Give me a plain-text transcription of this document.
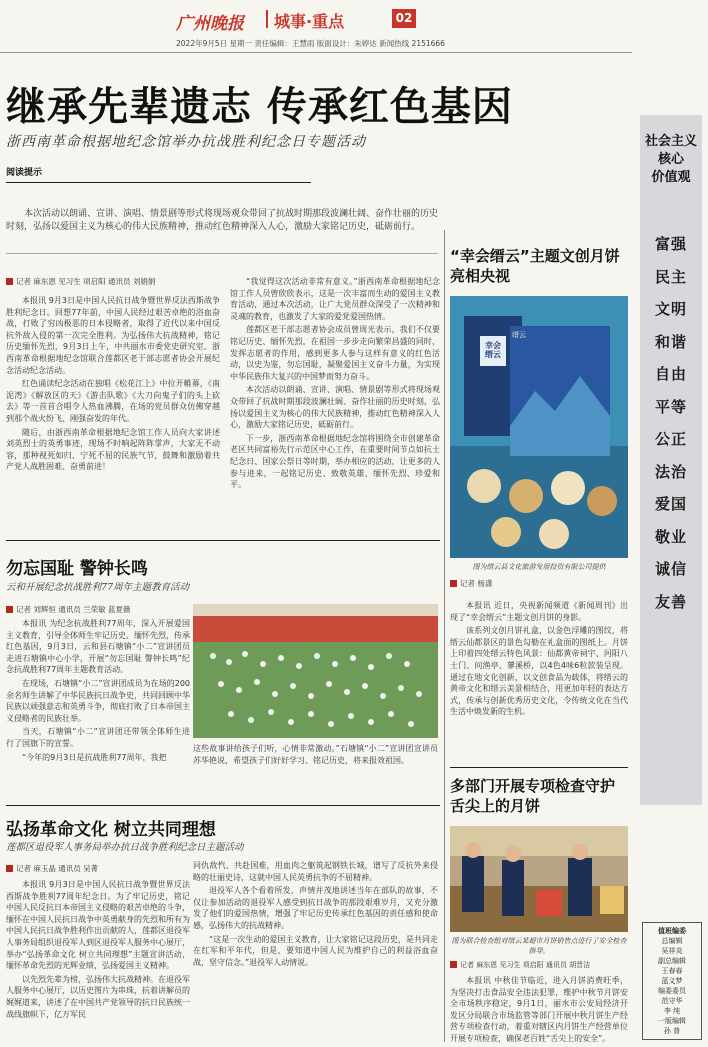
广州晚报 城事·重点	02
2022年9月5日 星期一 责任编辑：王慧雨 版面设计：朱婷达 新闻热线 2151666
继承先辈遗志 传承红色基因
浙西南革命根据地纪念馆举办抗战胜利纪念日专题活动
阅读提示
本次活动以朗诵、宣讲、演唱、情景剧等形式将现场观众带回了抗战时期那段波澜壮阔、奋作壮丽的历史时刻，弘扬以爱国主义为核心的伟大民族精神，推动红色精神深入人心，激励大家铭记历史，砥砺前行。
记者 麻东恩 见习生 项启阳 通讯员 刘娟娟

本报讯 9月3日是中国人民抗日战争暨世界反法西斯战争胜利纪念日。回想77年前，中国人民经过艰苦卓绝的浴血奋战，打败了穷凶极恶的日本侵略者，取得了近代以来中国反抗外敌入侵的第一次完全胜利。为弘扬伟大抗战精神，铭记历史缅怀先烈，9月3日上午，中共丽水市委党史研究室、浙西南革命根据地纪念馆联合莲都区老干部志愿者协会开展纪念活动纪念活动。

红色诵读纪念活动在独唱《松花江上》中拉开帷幕，《南泥湾》《解放区的天》《游击队歌》《大刀向鬼子们的头上砍去》等一首首合唱令人热血沸腾，在场的党员群众仿佛穿越到那个战火纷飞、刚强奋发的年代。

随后，由浙西南革命根据地纪念馆工作人员向大家讲述刘英烈士的英勇事迹，现场不时响起阵阵掌声，大家无不动容，那种视死如归、宁死不屈的民族气节，鼓舞和激励着共产党人战胜困难、奋勇前进！

“我觉得这次活动非常有意义。”浙西南革命根据地纪念馆工作人员曾欣欣表示，这是一次丰富而生动的爱国主义教育活动，通过本次活动，让广大党员群众深受了一次精神和灵魂的教育，也激发了大家的爱党爱国热情。

莲都区老干部志愿者协会成员曾周光表示，我们不仅要铭记历史、缅怀先烈，在祖国一步步走向繁荣昌盛的同时，发挥志愿者的作用，感到更多人参与这样有意义的红色活动，以史为鉴，勿忘国耻，凝聚爱国主义奋斗力量，为实现中华民族伟大复兴的中国梦而努力奋斗。

本次活动以朗诵、宣讲、演唱、情景剧等形式将现场观众带回了抗战时期那段波澜壮阔、奋作壮丽的历史时刻，弘扬以爱国主义为核心的伟大民族精神，推动红色精神深入人心，激励大家铭记历史，砥砺前行。

下一步，浙西南革命根据地纪念馆将围绕全市创建革命老区共同富裕先行示范区中心工作，在重要时间节点如抗士纪念日、国家公祭日等时期，举办相应的活动，让更多的人参与进来，一起铭记历史、致敬英雄、缅怀先烈、珍爱和平。

勿忘国耻 警钟长鸣
云和开展纪念抗战胜利77周年主题教育活动
记者 刘辉恒 通讯员 兰荣敏 蓝夏薇

本报讯 为纪念抗战胜利77周年，深入开展爱国主义教育，引导全体师生牢记历史、缅怀先烈，传承红色基因，9月3日，云和县石塘镇“小二”宣讲团员走进石塘镇中心小学，开展“勿忘国耻 警钟长鸣”纪念抗战胜利77周年主题教育活动。

在现场，石塘镇“小二”宣讲团成员为在场的200余名师生讲解了中华民族抗日战争史，共同回顾中华民族以顽强意志和英勇斗争，彻底打败了日本帝国主义侵略者的民族壮举。

当天，石塘镇“小二”宣讲团还带领全体师生进行了国旗下的宣誓。

“今年的9月3日是抗战胜利77周年，我把

这些故事讲给孩子们听，心情非常激动。”石塘镇“小二”宣讲团宣讲员苏华艳说，希望孩子们好好学习、铭记历史，将来报效祖国。
弘扬革命文化 树立共同理想
莲都区退役军人事务局举办抗日战争胜利纪念日主题活动
记者 麻玉晶 通讯员 吴菁

本报讯 9月3日是中国人民抗日战争暨世界反法西斯战争胜利77周年纪念日。为了牢记历史，铭记中国人民反抗日本帝国主义侵略的艰苦卓绝的斗争，缅怀在中国人民抗日战争中英勇献身的先烈和所有为中国人民抗日战争胜利作出贡献的人，莲都区退役军人事务局组织退役军人到区退役军人服务中心展厅，举办“弘扬革命文化 树立共同理想”主题宣讲活动，缅怀革命先烈的光辉业绩，弘扬爱国主义精神。

以先烈先辈为榜，弘扬伟大抗战精神。在退役军人服务中心展厅，以历史图片为串珠，抗着讲解员的娓娓道来，讲述了在中国共产党领导的抗日民族统一战线旗帜下，亿万军民

同仇敌忾、共赴国难，用血肉之躯筑起钢铁长城，谱写了反抗外来侵略的壮丽史诗，这就中国人民英勇抗争的不屈精神。

退役军人各个看着所发，声情并茂地讲述当年在部队的故事，不仅让参加活动的退役军人感受到抗日战争的那段艰难岁月，又充分激发了他们的爱国热情，增强了牢记历史传承红色基因的责任感和使命感，弘扬伟大的抗战精神。

“这是一次生动的爱国主义教育，让大家铭记这段历史，是共同走在红军和平年代，但是，要知道中国人民为维护自己的利益浴血奋战，坚守信念。”退役军人动情说。

“幸会缙云”主题文创月饼亮相央视
幸会缙云
缙云
图为缙云县文化旅游发展投资有限公司提供
记者 杨潇

本报讯 近日，央视新闻频道《新闻周刊》出现了“幸会缙云”主题文创月饼的身影。

该系列文创月饼礼盒，以金色浮雕的图纹，将缙云仙都景区的景色勾勒在礼盒面的图纸上。月饼上印着四处缙云特色风景：仙都黄帝祠宇、河阳八士门、问渔亭、蓼溪桥，以4色4味6粒款装呈现。通过在地文化创新，以文创食品为载体，将缙云的黄帝文化和缙云美景相结合，用更加年轻的表达方式，传承与创新优秀历史文化，令传统文化在当代生活中焕发新的生机。

多部门开展专项检查守护舌尖上的月饼
图为联合检查组对缙云某超市月饼销售点进行了安全检查指导。
记者 麻东恩 见习生 项启阳 通讯员 胡晋洁

本报讯 中秋佳节临近，进入月饼消费旺季，为坚决打击食品安全违法犯罪，维护中秋节月饼安全市场秩序稳定，9月1日，丽水市公安局经济开发区分局联合市场监管等部门开展中秋月饼生产经营专项检查行动，着重对辖区内月饼生产经营单位开展专项检查，确保老百姓“舌尖上的安全”。

社会主义
核心
价值观
富强
民主
文明
和谐
自由
平等
公正
法治
爱国
敬业
诚信
友善
值班编委
总编辑
吴祥炎
副总编辑
王春春
蓝义梦
编委委员
范守华
李 纯
一版编辑
孙 普
